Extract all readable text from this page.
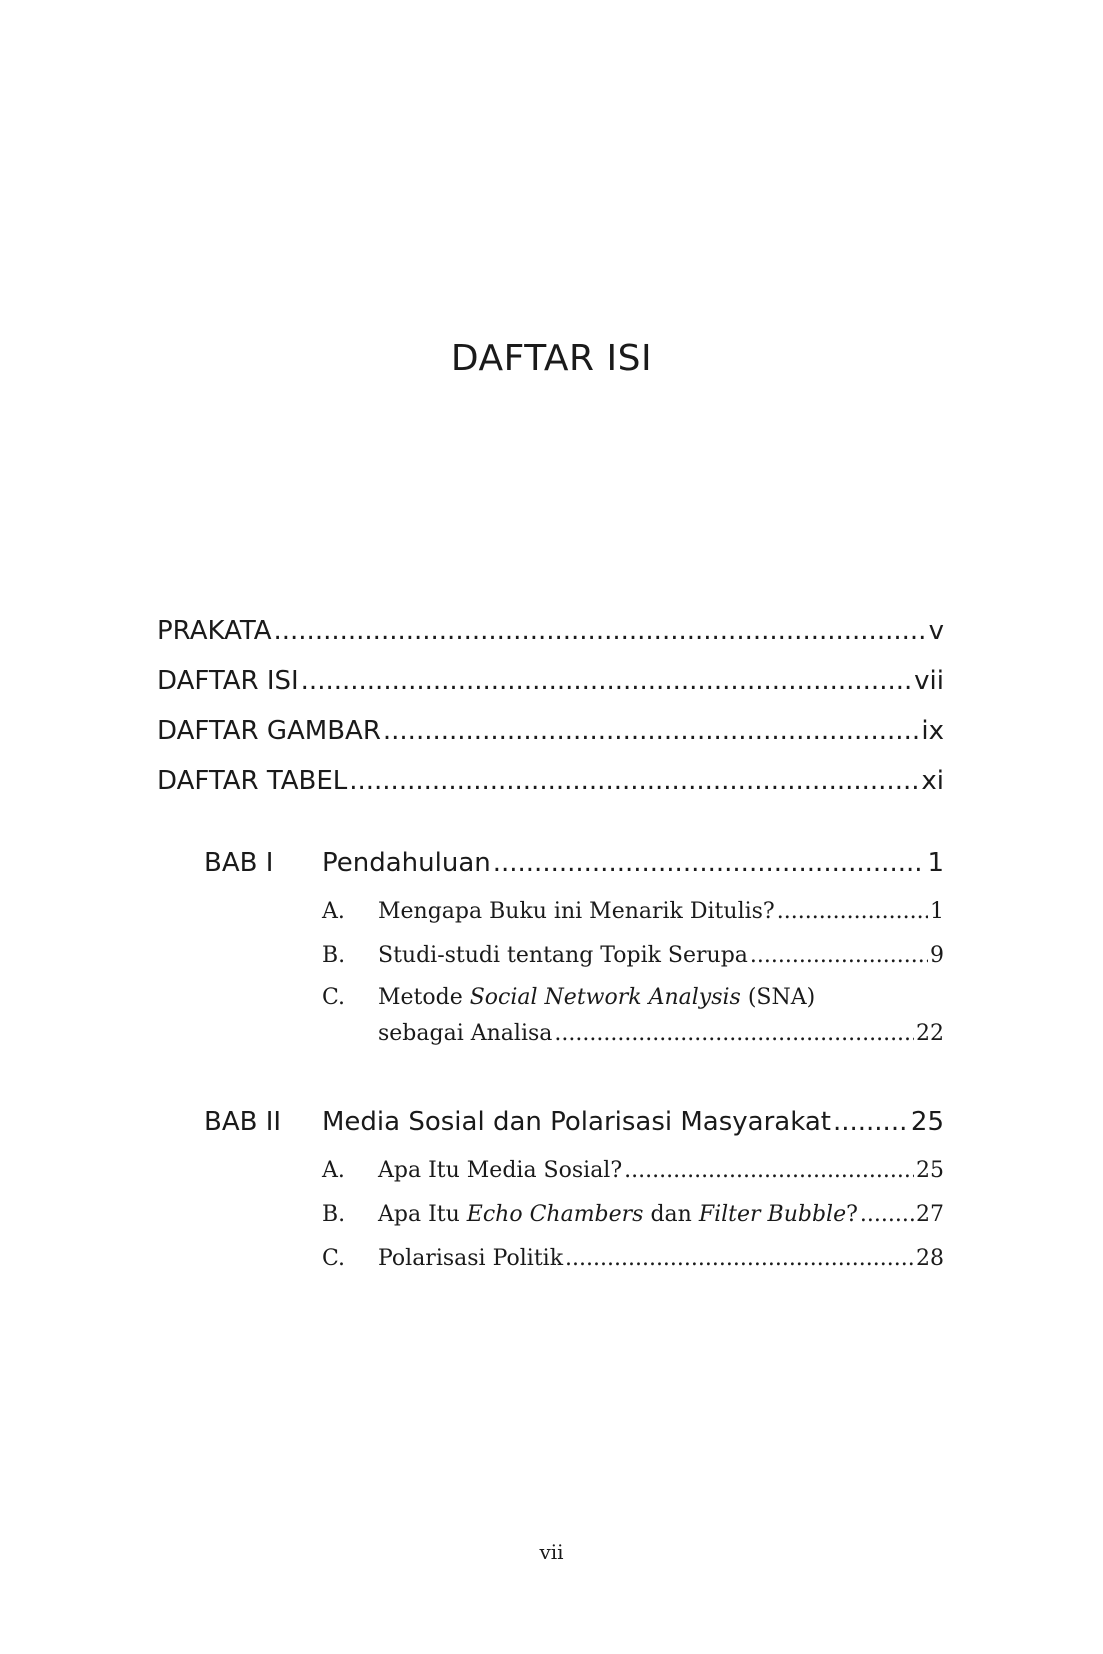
DAFTAR ISI
PRAKATA .....	v
DAFTAR ISI .....	vii
DAFTAR GAMBAR .....	ix
DAFTAR TABEL .....	xi
BAB I	Pendahuluan .....	1
A.	Mengapa Buku ini Menarik Ditulis? .....	1
B.	Studi-studi tentang Topik Serupa .....	9
C.	Metode Social Network Analysis (SNA)
sebagai Analisa .....	22
BAB II	Media Sosial dan Polarisasi Masyarakat .....	25
A.	Apa Itu Media Sosial? .....	25
B.	Apa Itu Echo Chambers dan Filter Bubble? .....	27
C.	Polarisasi Politik .....	28
vii
